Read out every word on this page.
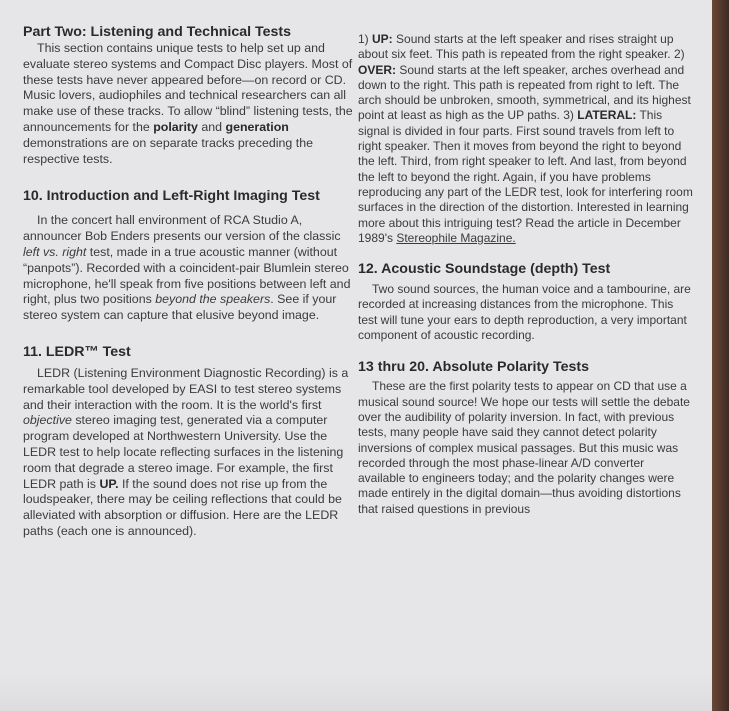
Part Two: Listening and Technical Tests

This section contains unique tests to help set up and evaluate stereo systems and Compact Disc players. Most of these tests have never appeared before—on record or CD. Music lovers, audiophiles and technical researchers can all make use of these tracks. To allow “blind” listening tests, the announcements for the polarity and generation demonstrations are on separate tracks preceding the respective tests.

10. Introduction and Left-Right Imaging Test

In the concert hall environment of RCA Studio A, announcer Bob Enders presents our version of the classic left vs. right test, made in a true acoustic manner (without “panpots”). Recorded with a coincident-pair Blumlein stereo microphone, he'll speak from five positions between left and right, plus two positions beyond the speakers. See if your stereo system can capture that elusive beyond image.

11. LEDR™ Test

LEDR (Listening Environment Diagnostic Recording) is a remarkable tool developed by EASI to test stereo systems and their interaction with the room. It is the world's first objective stereo imaging test, generated via a computer program developed at Northwestern University. Use the LEDR test to help locate reflecting surfaces in the listening room that degrade a stereo image. For example, the first LEDR path is UP. If the sound does not rise up from the loudspeaker, there may be ceiling reflections that could be alleviated with absorption or diffusion. Here are the LEDR paths (each one is announced).

1) UP: Sound starts at the left speaker and rises straight up about six feet. This path is repeated from the right speaker. 2) OVER: Sound starts at the left speaker, arches overhead and down to the right. This path is repeated from right to left. The arch should be unbroken, smooth, symmetrical, and its highest point at least as high as the UP paths. 3) LATERAL: This signal is divided in four parts. First sound travels from left to right speaker. Then it moves from beyond the right to beyond the left. Third, from right speaker to left. And last, from beyond the left to beyond the right. Again, if you have problems reproducing any part of the LEDR test, look for interfering room surfaces in the direction of the distortion. Interested in learning more about this intriguing test? Read the article in December 1989's Stereophile Magazine.

12. Acoustic Soundstage (depth) Test

Two sound sources, the human voice and a tambourine, are recorded at increasing distances from the microphone. This test will tune your ears to depth reproduction, a very important component of acoustic recording.

13 thru 20. Absolute Polarity Tests

These are the first polarity tests to appear on CD that use a musical sound source! We hope our tests will settle the debate over the audibility of polarity inversion. In fact, with previous tests, many people have said they cannot detect polarity inversions of complex musical passages. But this music was recorded through the most phase-linear A/D converter available to engineers today; and the polarity changes were made entirely in the digital domain—thus avoiding distortions that raised questions in previous
